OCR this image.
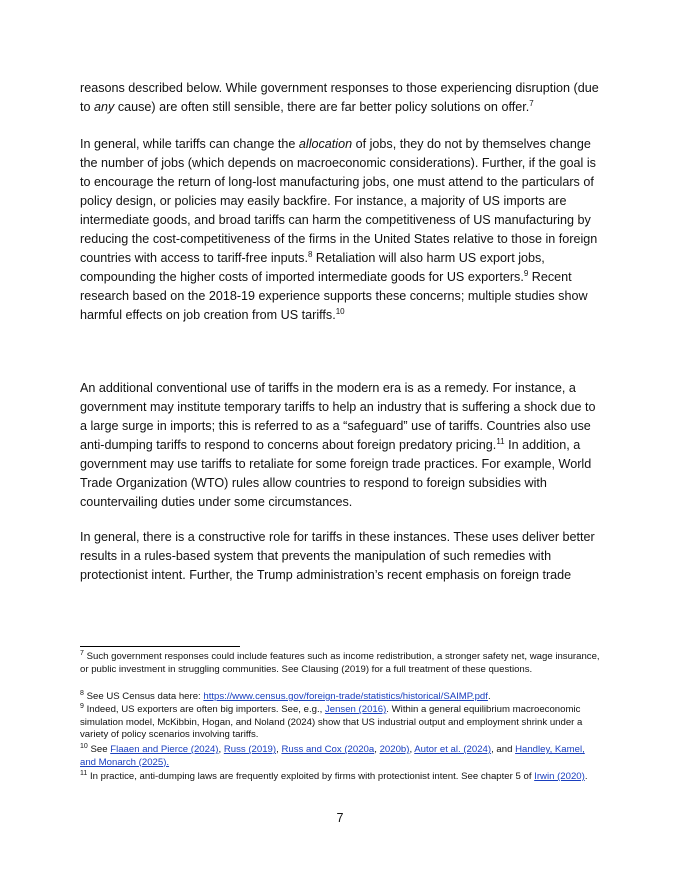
reasons described below. While government responses to those experiencing disruption (due to any cause) are often still sensible, there are far better policy solutions on offer.$^7$
In general, while tariffs can change the allocation of jobs, they do not by themselves change the number of jobs (which depends on macroeconomic considerations). Further, if the goal is to encourage the return of long-lost manufacturing jobs, one must attend to the particulars of policy design, or policies may easily backfire. For instance, a majority of US imports are intermediate goods, and broad tariffs can harm the competitiveness of US manufacturing by reducing the cost-competitiveness of the firms in the United States relative to those in foreign countries with access to tariff-free inputs.$^8$ Retaliation will also harm US export jobs, compounding the higher costs of imported intermediate goods for US exporters.$^9$ Recent research based on the 2018-19 experience supports these concerns; multiple studies show harmful effects on job creation from US tariffs.$^{10}$
An additional conventional use of tariffs in the modern era is as a remedy. For instance, a government may institute temporary tariffs to help an industry that is suffering a shock due to a large surge in imports; this is referred to as a “safeguard” use of tariffs. Countries also use anti-dumping tariffs to respond to concerns about foreign predatory pricing.$^{11}$ In addition, a government may use tariffs to retaliate for some foreign trade practices. For example, World Trade Organization (WTO) rules allow countries to respond to foreign subsidies with countervailing duties under some circumstances.
In general, there is a constructive role for tariffs in these instances. These uses deliver better results in a rules-based system that prevents the manipulation of such remedies with protectionist intent. Further, the Trump administration’s recent emphasis on foreign trade
$^7$ Such government responses could include features such as income redistribution, a stronger safety net, wage insurance, or public investment in struggling communities. See Clausing (2019) for a full treatment of these questions.
$^8$ See US Census data here: https://www.census.gov/foreign-trade/statistics/historical/SAIMP.pdf.
$^9$ Indeed, US exporters are often big importers. See, e.g., Jensen (2016). Within a general equilibrium macroeconomic simulation model, McKibbin, Hogan, and Noland (2024) show that US industrial output and employment shrink under a variety of policy scenarios involving tariffs.
$^{10}$ See Flaaen and Pierce (2024), Russ (2019), Russ and Cox (2020a, 2020b), Autor et al. (2024), and Handley, Kamel, and Monarch (2025).
$^{11}$ In practice, anti-dumping laws are frequently exploited by firms with protectionist intent. See chapter 5 of Irwin (2020).
7
